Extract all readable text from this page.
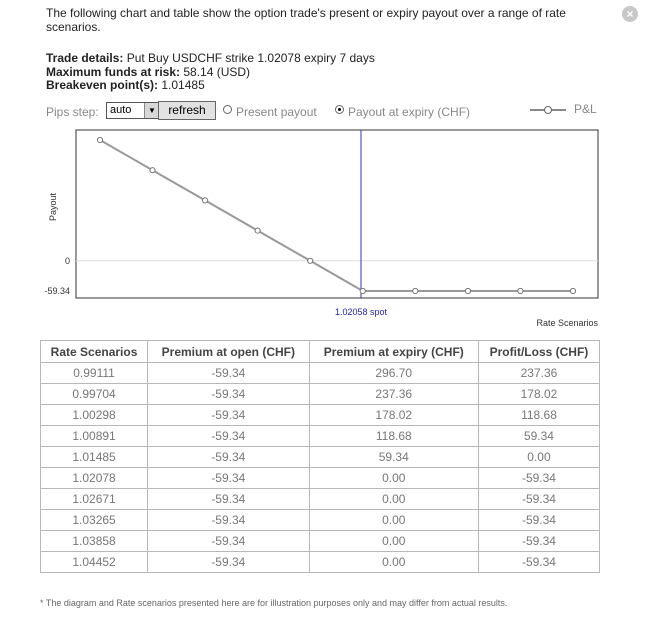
×
The following chart and table show the option trade's present or expiry payout over a range of rate scenarios.
Trade details: Put Buy USDCHF strike 1.02078 expiry 7 days
Maximum funds at risk: 58.14 (USD)
Breakeven point(s): 1.01485
Pips step: auto	▼	refresh	Present payout	Payout at expiry (CHF)	P&L
Payout
0
-59.34
1.02058 spot
Rate Scenarios
Rate Scenarios	Premium at open (CHF)	Premium at expiry (CHF)	Profit/Loss (CHF)
0.99111	-59.34	296.70	237.36
0.99704	-59.34	237.36	178.02
1.00298	-59.34	178.02	118.68
1.00891	-59.34	118.68	59.34
1.01485	-59.34	59.34	0.00
1.02078	-59.34	0.00	-59.34
1.02671	-59.34	0.00	-59.34
1.03265	-59.34	0.00	-59.34
1.03858	-59.34	0.00	-59.34
1.04452	-59.34	0.00	-59.34
* The diagram and Rate scenarios presented here are for illustration purposes only and may differ from actual results.
